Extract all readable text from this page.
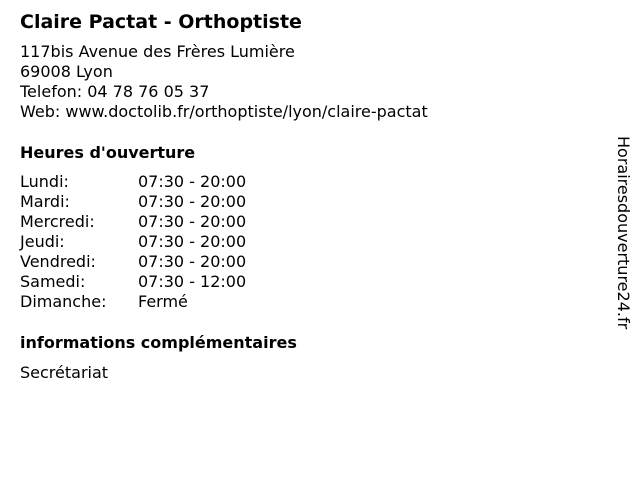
Claire Pactat - Orthoptiste
117bis Avenue des Frères Lumière
69008 Lyon
Telefon: 04 78 76 05 37
Web: www.doctolib.fr/orthoptiste/lyon/claire-pactat
Heures d'ouverture
Lundi:	07:30 - 20:00
Mardi:	07:30 - 20:00
Mercredi:	07:30 - 20:00
Jeudi:	07:30 - 20:00
Vendredi:	07:30 - 20:00
Samedi:	07:30 - 12:00
Dimanche:	Fermé
informations complémentaires
Secrétariat
Horairesdouverture24.fr
